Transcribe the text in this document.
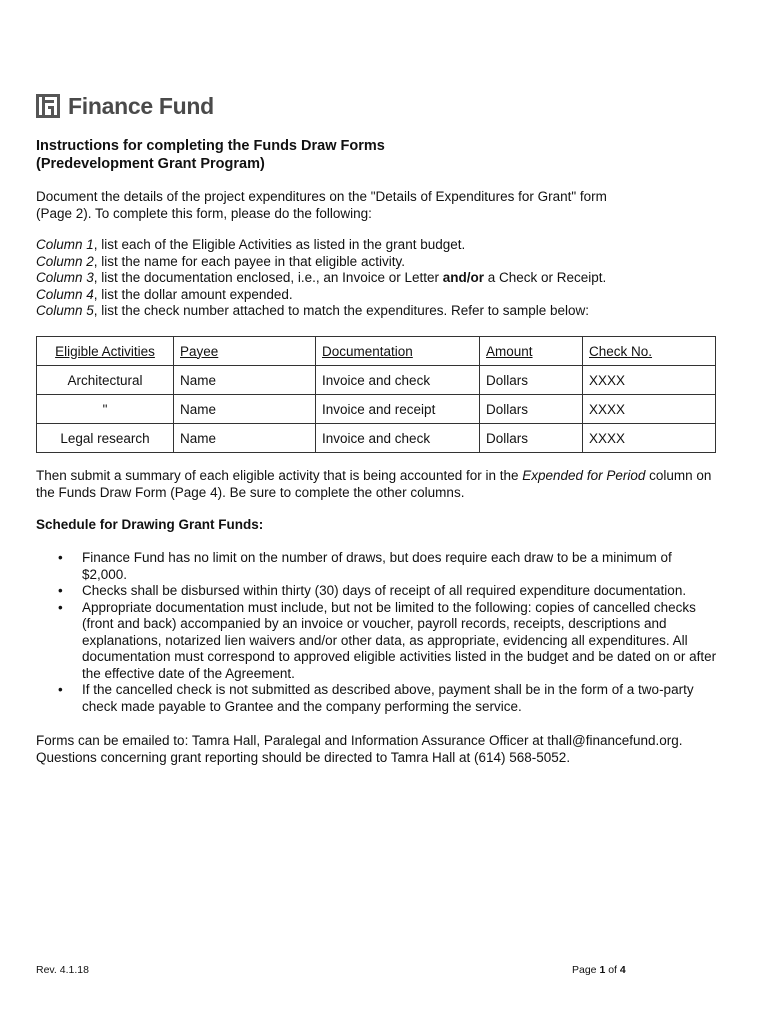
Finance Fund
Instructions for completing the Funds Draw Forms
(Predevelopment Grant Program)
Document the details of the project expenditures on the "Details of Expenditures for Grant" form
(Page 2). To complete this form, please do the following:
Column 1, list each of the Eligible Activities as listed in the grant budget.
Column 2, list the name for each payee in that eligible activity.
Column 3, list the documentation enclosed, i.e., an Invoice or Letter and/or a Check or Receipt.
Column 4, list the dollar amount expended.
Column 5, list the check number attached to match the expenditures. Refer to sample below:
Eligible Activities	Payee	Documentation	Amount	Check No.
Architectural	Name	Invoice and check	Dollars	XXXX
"	Name	Invoice and receipt	Dollars	XXXX
Legal research	Name	Invoice and check	Dollars	XXXX
Then submit a summary of each eligible activity that is being accounted for in the Expended for Period column on
the Funds Draw Form (Page 4). Be sure to complete the other columns.
Schedule for Drawing Grant Funds:
• Finance Fund has no limit on the number of draws, but does require each draw to be a minimum of
$2,000.
• Checks shall be disbursed within thirty (30) days of receipt of all required expenditure documentation.
• Appropriate documentation must include, but not be limited to the following: copies of cancelled checks
(front and back) accompanied by an invoice or voucher, payroll records, receipts, descriptions and
explanations, notarized lien waivers and/or other data, as appropriate, evidencing all expenditures. All
documentation must correspond to approved eligible activities listed in the budget and be dated on or after
the effective date of the Agreement.
• If the cancelled check is not submitted as described above, payment shall be in the form of a two-party
check made payable to Grantee and the company performing the service.
Forms can be emailed to: Tamra Hall, Paralegal and Information Assurance Officer at thall@financefund.org.
Questions concerning grant reporting should be directed to Tamra Hall at (614) 568-5052.
Rev. 4.1.18	Page 1 of 4
